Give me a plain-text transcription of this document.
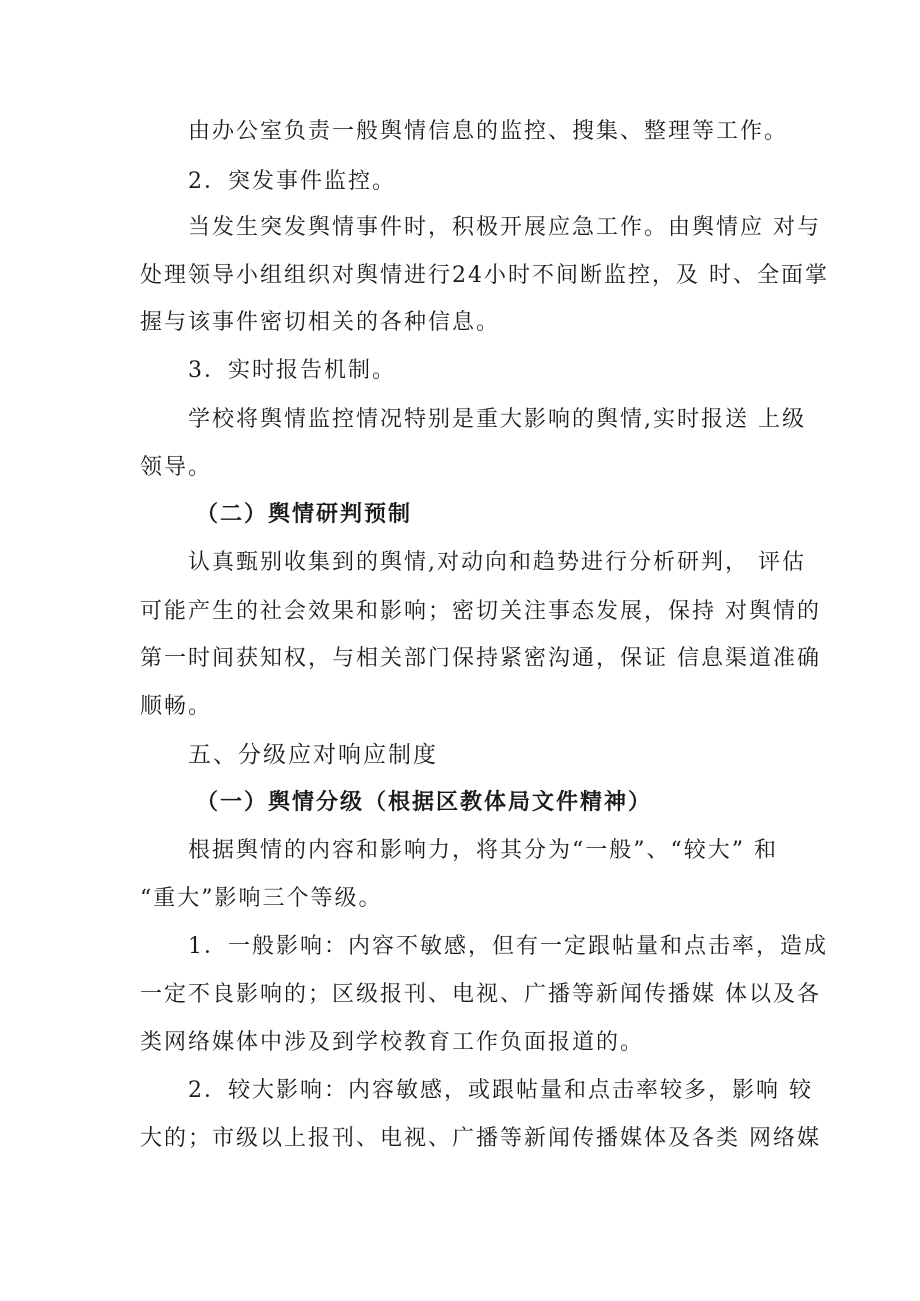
由办公室负责一般舆情信息的监控、搜集、整理等工作。
2．突发事件监控。
当发生突发舆情事件时，积极开展应急工作。由舆情应 对与
处理领导小组组织对舆情进行24小时不间断监控，及 时、全面掌
握与该事件密切相关的各种信息。
3．实时报告机制。
学校将舆情监控情况特别是重大影响的舆情,实时报送 上级
领导。
（二）舆情研判预制
认真甄别收集到的舆情,对动向和趋势进行分析研判， 评估
可能产生的社会效果和影响；密切关注事态发展，保持 对舆情的
第一时间获知权，与相关部门保持紧密沟通，保证 信息渠道准确
顺畅。
五、分级应对响应制度
（一）舆情分级（根据区教体局文件精神）
根据舆情的内容和影响力，将其分为“一般”、“较大” 和
“重大”影响三个等级。
1．一般影响：内容不敏感，但有一定跟帖量和点击率，造成
一定不良影响的；区级报刊、电视、广播等新闻传播媒 体以及各
类网络媒体中涉及到学校教育工作负面报道的。
2．较大影响：内容敏感，或跟帖量和点击率较多，影响 较
大的；市级以上报刊、电视、广播等新闻传播媒体及各类 网络媒
